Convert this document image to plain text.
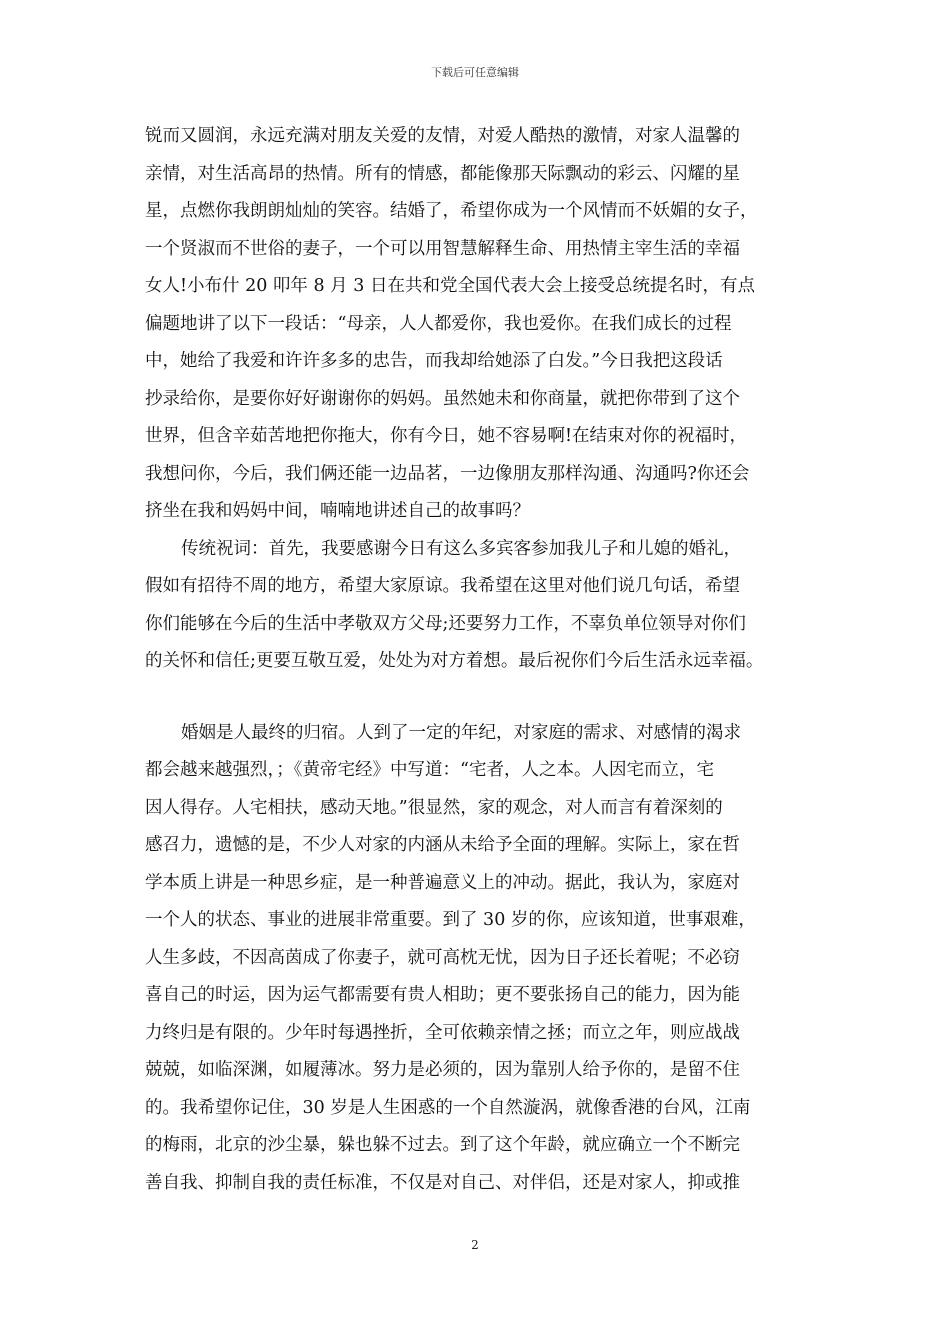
下载后可任意编辑
锐而又圆润，永远充满对朋友关爱的友情，对爱人酷热的激情，对家人温馨的
亲情，对生活高昂的热情。所有的情感，都能像那天际飘动的彩云、闪耀的星
星，点燃你我朗朗灿灿的笑容。结婚了，希望你成为一个风情而不妖媚的女子，
一个贤淑而不世俗的妻子，一个可以用智慧解释生命、用热情主宰生活的幸福
女人!小布什 20 叩年 8 月 3 日在共和党全国代表大会上接受总统提名时，有点
偏题地讲了以下一段话：“母亲，人人都爱你，我也爱你。在我们成长的过程
中，她给了我爱和许许多多的忠告，而我却给她添了白发。”今日我把这段话
抄录给你，是要你好好谢谢你的妈妈。虽然她未和你商量，就把你带到了这个
世界，但含辛茹苦地把你拖大，你有今日，她不容易啊!在结束对你的祝福时，
我想问你，今后，我们俩还能一边品茗，一边像朋友那样沟通、沟通吗?你还会
挤坐在我和妈妈中间，喃喃地讲述自己的故事吗？
传统祝词：首先，我要感谢今日有这么多宾客参加我儿子和儿媳的婚礼，
假如有招待不周的地方，希望大家原谅。我希望在这里对他们说几句话，希望
你们能够在今后的生活中孝敬双方父母;还要努力工作，不辜负单位领导对你们
的关怀和信任;更要互敬互爱，处处为对方着想。最后祝你们今后生活永远幸福。
婚姻是人最终的归宿。人到了一定的年纪，对家庭的需求、对感情的渴求
都会越来越强烈，；《黄帝宅经》中写道：“宅者，人之本。人因宅而立，宅
因人得存。人宅相扶，感动天地。”很显然，家的观念，对人而言有着深刻的
感召力，遗憾的是，不少人对家的内涵从未给予全面的理解。实际上，家在哲
学本质上讲是一种思乡症，是一种普遍意义上的冲动。据此，我认为，家庭对
一个人的状态、事业的进展非常重要。到了 30 岁的你，应该知道，世事艰难，
人生多歧，不因高茵成了你妻子，就可高枕无忧，因为日子还长着呢；不必窃
喜自己的时运，因为运气都需要有贵人相助；更不要张扬自己的能力，因为能
力终归是有限的。少年时每遇挫折，全可依赖亲情之拯；而立之年，则应战战
兢兢，如临深渊，如履薄冰。努力是必须的，因为靠别人给予你的，是留不住
的。我希望你记住，30 岁是人生困惑的一个自然漩涡，就像香港的台风，江南
的梅雨，北京的沙尘暴，躲也躲不过去。到了这个年龄，就应确立一个不断完
善自我、抑制自我的责任标准，不仅是对自己、对伴侣，还是对家人，抑或推
2
